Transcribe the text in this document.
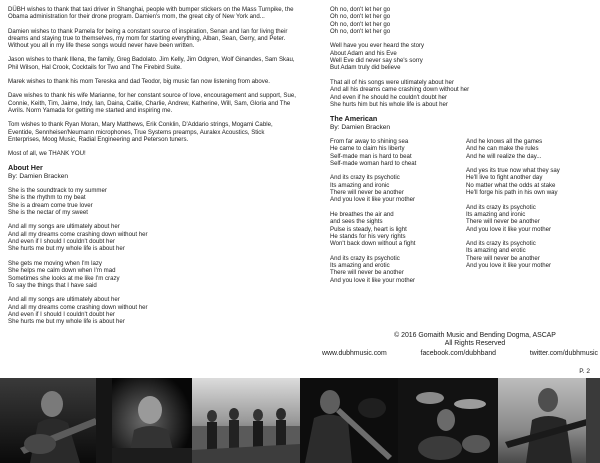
DÜBH wishes to thank that taxi driver in Shanghai, people with bumper stickers on the Mass Turnpike, the Obama administration for their drone program. Damien's mom, the great city of New York and...

Damien wishes to thank Pamela for being a constant source of inspiration, Senan and Ian for living their dreams and staying true to themselves, my mom for starting everything, Alban, Sean, Gerry, and Peter. Without you all in my life these songs would never have been written.

Jason wishes to thank Illena, the family, Greg Badolato. Jim Kelly, Jim Odgren, Wolf Ginandes, Sam Skau, Phil Wilson, Hal Crook, Cocktails for Two and The Firebird Suite.

Marek wishes to thank his mom Tereska and dad Teodor, big music fan now listening from above.

Dave wishes to thank his wife Marianne, for her constant source of love, encouragement and support, Sue, Connie, Keith, Tim, Jaime, Indy, Ian, Daina, Caitie, Charlie, Andrew, Katherine, Will, Sam, Gloria and The Avrils. Norm Yamada for getting me started and inspiring me.

Tom wishes to thank Ryan Moran, Mary Matthews, Erik Conklin, D'Addario strings, Mogami Cable, Eventide, Sennheiser/Neumann microphones, True Systems preamps, Auralex Acoustics, Stick Enterprises, Moog Music, Radial Engineering and Peterson tuners.

Most of all, we THANK YOU!

About Her
By: Damien Bracken
She is the soundtrack to my summer
She is the rhythm to my beat
She is a dream come true lover
She is the nectar of my sweet
And all my songs are ultimately about her
And all my dreams come crashing down without her
And even if I should I couldn't doubt her
She hurts me but my whole life is about her
She gets me moving when I'm lazy
She helps me calm down when I'm mad
Sometimes she looks at me like I'm crazy
To say the things that I have said
And all my songs are ultimately about her
And all my dreams come crashing down without her
And even if I should I couldn't doubt her
She hurts me but my whole life is about her
Oh no, don't let her go
Oh no, don't let her go
Oh no, don't let her go
Oh no, don't let her go
Well have you ever heard the story
About Adam and his Eve
Well Eve did never say she's sorry
But Adam truly did believe
That all of his songs were ultimately about her
And all his dreams came crashing down without her
And even if he should he couldn't doubt her
She hurts him but his whole life is about her
The American
By: Damien Bracken
From far away to shining sea
He came to claim his liberty
Self-made man is hard to beat
Self-made woman hard to cheat
And its crazy its psychotic
Its amazing and ironic
There will never be another
And you love it like your mother
He breathes the air and
and sees the sights
Pulse is steady, heart is light
He stands for his very rights
Won't back down without a fight
And its crazy its psychotic
Its amazing and erotic
There will never be another
And you love it like your mother
And he knows all the games
And he can make the rules
And he will realize the day...
And yes its true now what they say
He'll live to fight another day
No matter what the odds at stake
He'll forge his path in his own way
And its crazy its psychotic
Its amazing and ironic
There will never be another
And you love it like your mother
And its crazy its psychotic
Its amazing and erotic
There will never be another
And you love it like your mother
© 2016 Gomaith Music and Bending Dogma, ASCAP
All Rights Reserved
www.dubhmusic.com	facebook.com/dubhband	twitter.com/dubhmusic
P. 2
